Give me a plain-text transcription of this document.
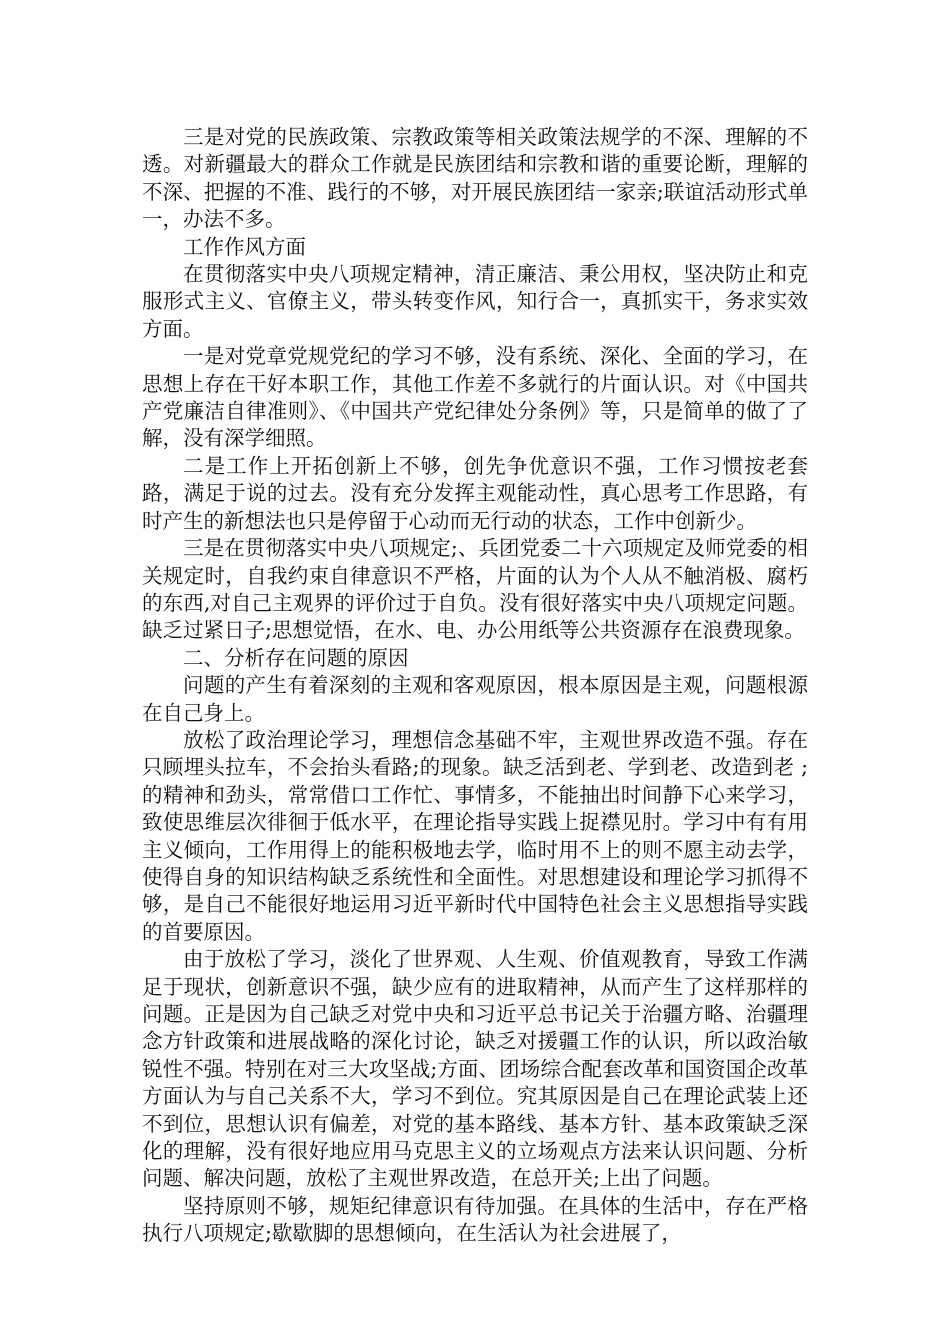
三是对党的民族政策、宗教政策等相关政策法规学的不深、理解的不透。对新疆最大的群众工作就是民族团结和宗教和谐的重要论断，理解的不深、把握的不准、践行的不够，对开展民族团结一家亲;联谊活动形式单一，办法不多。

工作作风方面

在贯彻落实中央八项规定精神，清正廉洁、秉公用权，坚决防止和克服形式主义、官僚主义，带头转变作风，知行合一，真抓实干，务求实效方面。

一是对党章党规党纪的学习不够，没有系统、深化、全面的学习，在思想上存在干好本职工作，其他工作差不多就行的片面认识。对《中国共产党廉洁自律准则》、《中国共产党纪律处分条例》等，只是简单的做了了解，没有深学细照。

二是工作上开拓创新上不够，创先争优意识不强，工作习惯按老套路，满足于说的过去。没有充分发挥主观能动性，真心思考工作思路，有时产生的新想法也只是停留于心动而无行动的状态，工作中创新少。

三是在贯彻落实中央八项规定;、兵团党委二十六项规定及师党委的相关规定时，自我约束自律意识不严格，片面的认为个人从不触消极、腐朽的东西,对自己主观界的评价过于自负。没有很好落实中央八项规定问题。缺乏过紧日子;思想觉悟，在水、电、办公用纸等公共资源存在浪费现象。

二、分析存在问题的原因

问题的产生有着深刻的主观和客观原因，根本原因是主观，问题根源在自己身上。

放松了政治理论学习，理想信念基础不牢，主观世界改造不强。存在只顾埋头拉车，不会抬头看路;的现象。缺乏活到老、学到老、改造到老 ;的精神和劲头，常常借口工作忙、事情多，不能抽出时间静下心来学习，致使思维层次徘徊于低水平，在理论指导实践上捉襟见肘。学习中有有用主义倾向，工作用得上的能积极地去学，临时用不上的则不愿主动去学，使得自身的知识结构缺乏系统性和全面性。对思想建设和理论学习抓得不够，是自己不能很好地运用习近平新时代中国特色社会主义思想指导实践的首要原因。

由于放松了学习，淡化了世界观、人生观、价值观教育，导致工作满足于现状，创新意识不强，缺少应有的进取精神，从而产生了这样那样的问题。正是因为自己缺乏对党中央和习近平总书记关于治疆方略、治疆理念方针政策和进展战略的深化讨论，缺乏对援疆工作的认识，所以政治敏锐性不强。特别在对三大攻坚战;方面、团场综合配套改革和国资国企改革方面认为与自己关系不大，学习不到位。究其原因是自己在理论武装上还不到位，思想认识有偏差，对党的基本路线、基本方针、基本政策缺乏深化的理解，没有很好地应用马克思主义的立场观点方法来认识问题、分析问题、解决问题，放松了主观世界改造，在总开关;上出了问题。

坚持原则不够，规矩纪律意识有待加强。在具体的生活中，存在严格执行八项规定;歇歇脚的思想倾向，在生活认为社会进展了，
